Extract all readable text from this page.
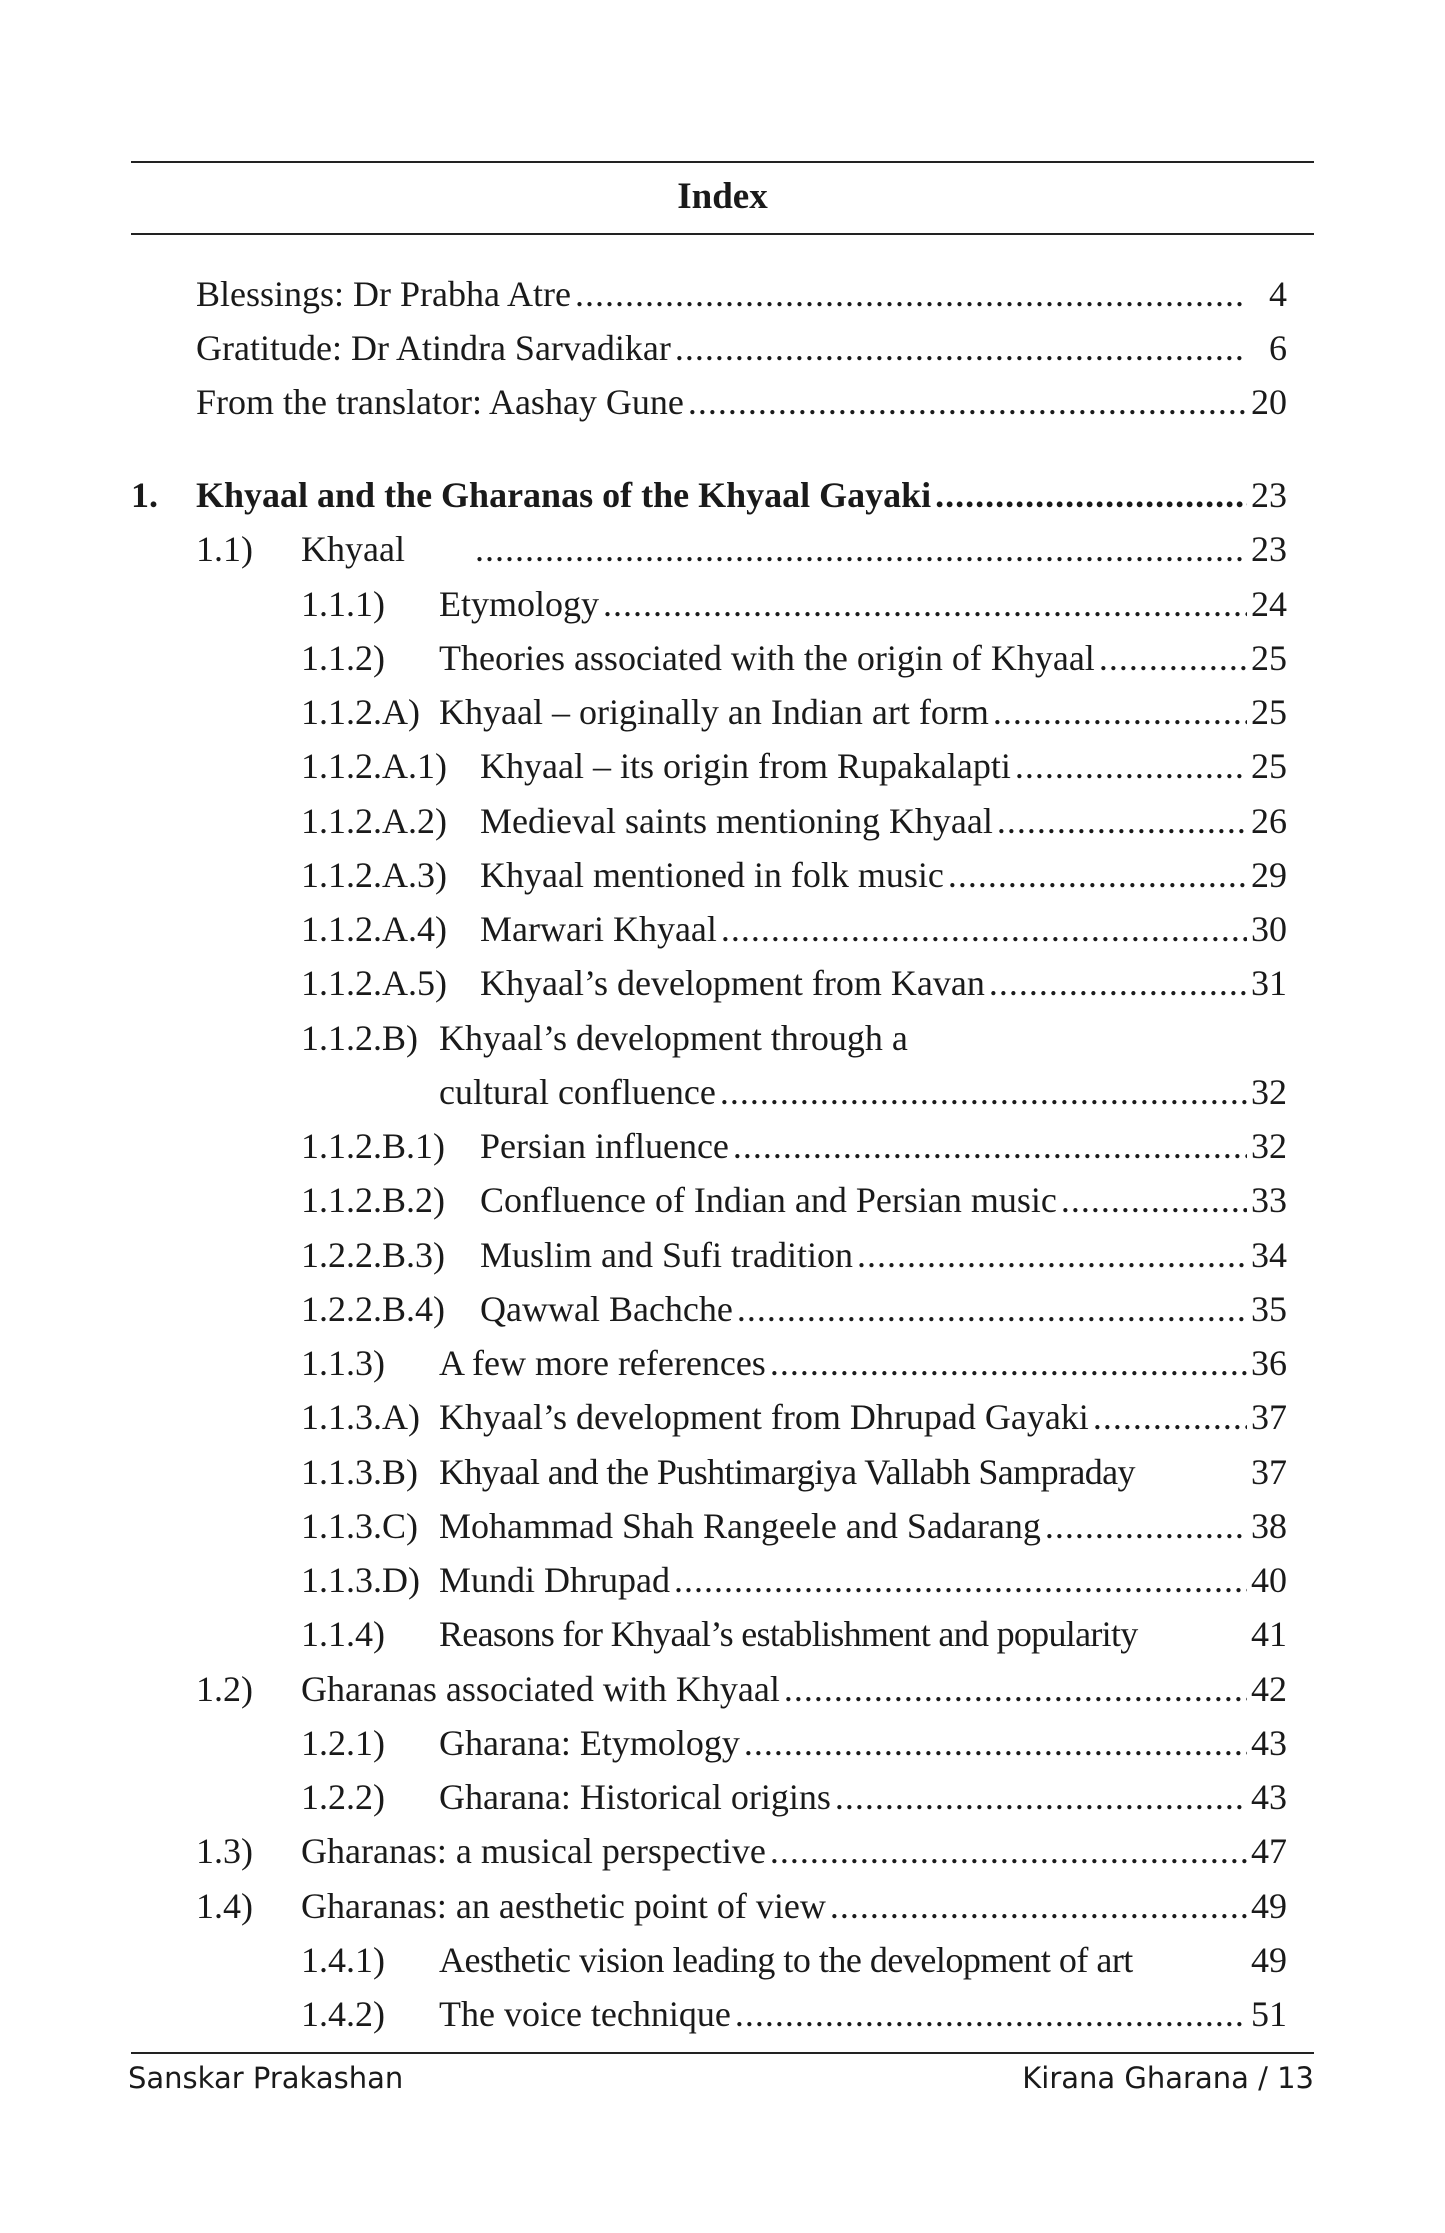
Index
Blessings: Dr Prabha Atre .....	4
Gratitude: Dr Atindra Sarvadikar .....	6
From the translator: Aashay Gune .....	20
1. Khyaal and the Gharanas of the Khyaal Gayaki .....	23
1.1) Khyaal .....	23
1.1.1) Etymology .....	24
1.1.2) Theories associated with the origin of Khyaal .....	25
1.1.2.A) Khyaal – originally an Indian art form .....	25
1.1.2.A.1) Khyaal – its origin from Rupakalapti .....	25
1.1.2.A.2) Medieval saints mentioning Khyaal .....	26
1.1.2.A.3) Khyaal mentioned in folk music .....	29
1.1.2.A.4) Marwari Khyaal .....	30
1.1.2.A.5) Khyaal’s development from Kavan .....	31
1.1.2.B) Khyaal’s development through a
cultural confluence .....	32
1.1.2.B.1) Persian influence .....	32
1.1.2.B.2) Confluence of Indian and Persian music .....	33
1.2.2.B.3) Muslim and Sufi tradition .....	34
1.2.2.B.4) Qawwal Bachche .....	35
1.1.3) A few more references .....	36
1.1.3.A) Khyaal’s development from Dhrupad Gayaki .....	37
1.1.3.B) Khyaal and the Pushtimargiya Vallabh Sampraday	37
1.1.3.C) Mohammad Shah Rangeele and Sadarang .....	38
1.1.3.D) Mundi Dhrupad .....	40
1.1.4) Reasons for Khyaal’s establishment and popularity	41
1.2) Gharanas associated with Khyaal .....	42
1.2.1) Gharana: Etymology .....	43
1.2.2) Gharana: Historical origins .....	43
1.3) Gharanas: a musical perspective .....	47
1.4) Gharanas: an aesthetic point of view .....	49
1.4.1) Aesthetic vision leading to the development of art	49
1.4.2) The voice technique .....	51
Sanskar Prakashan	Kirana Gharana / 13
